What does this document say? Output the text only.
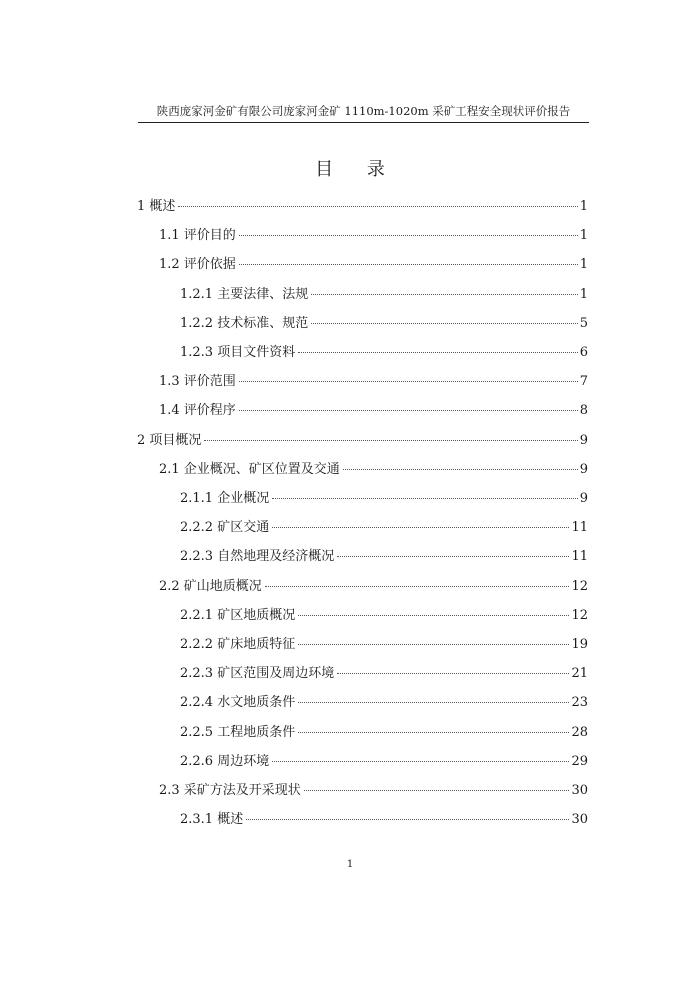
陕西庞家河金矿有限公司庞家河金矿 1110m-1020m 采矿工程安全现状评价报告
目 录
1 概述	1
1.1 评价目的	1
1.2 评价依据	1
1.2.1 主要法律、法规	1
1.2.2 技术标准、规范	5
1.2.3 项目文件资料	6
1.3 评价范围	7
1.4 评价程序	8
2 项目概况	9
2.1 企业概况、矿区位置及交通	9
2.1.1 企业概况	9
2.2.2 矿区交通	11
2.2.3 自然地理及经济概况	11
2.2 矿山地质概况	12
2.2.1 矿区地质概况	12
2.2.2 矿床地质特征	19
2.2.3 矿区范围及周边环境	21
2.2.4 水文地质条件	23
2.2.5 工程地质条件	28
2.2.6 周边环境	29
2.3 采矿方法及开采现状	30
2.3.1 概述	30
1
